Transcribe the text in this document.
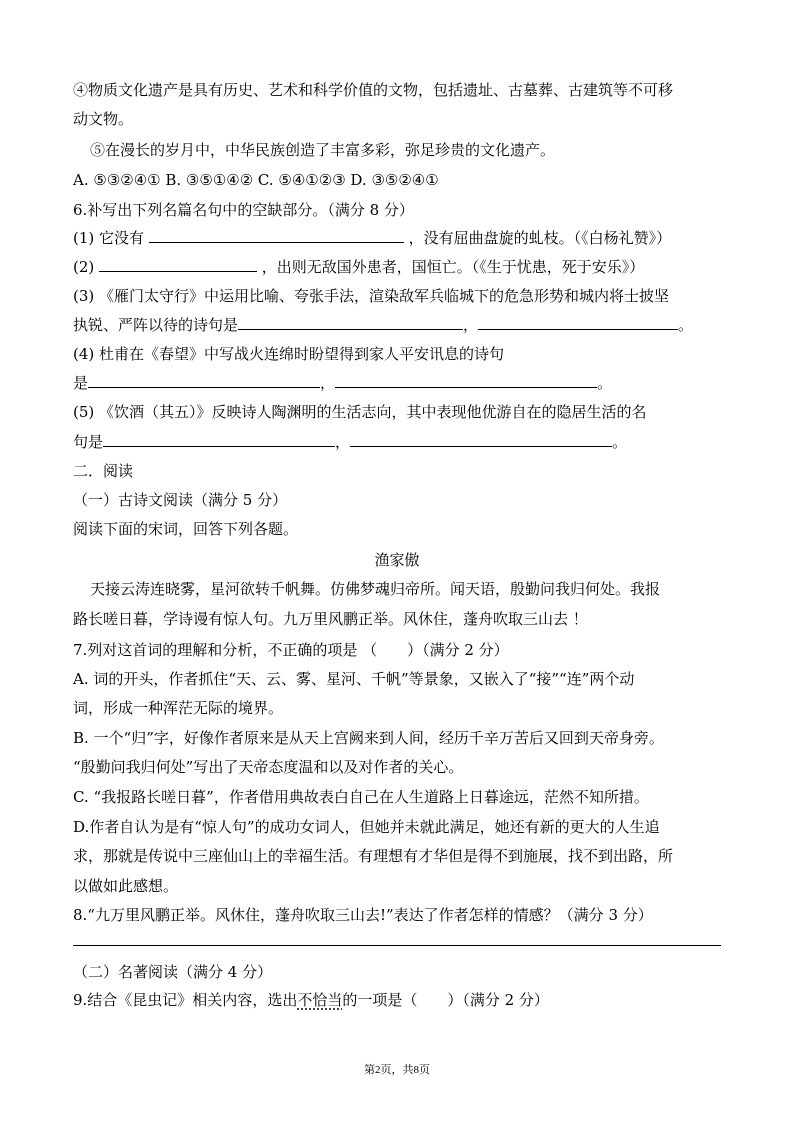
④物质文化遗产是具有历史、艺术和科学价值的文物，包括遗址、古墓葬、古建筑等不可移
动文物。
⑤在漫长的岁月中，中华民族创造了丰富多彩，弥足珍贵的文化遗产。
A. ⑤③②④① B. ③⑤①④② C. ⑤④①②③ D. ③⑤②④①
6.补写出下列名篇名句中的空缺部分。（满分 8 分）
(1) 它没有	，没有屈曲盘旋的虬枝。（《白杨礼赞》）
(2)	，出则无敌国外患者，国恒亡。（《生于忧患，死于安乐》）
(3) 《雁门太守行》中运用比喻、夸张手法，渲染敌军兵临城下的危急形势和城内将士披坚
执锐、严阵以待的诗句是	，	。
(4) 杜甫在《春望》中写战火连绵时盼望得到家人平安讯息的诗句
是	，	。
(5) 《饮酒（其五）》反映诗人陶渊明的生活志向，其中表现他优游自在的隐居生活的名
句是	，	。
二．阅读
（一）古诗文阅读（满分 5 分）
阅读下面的宋词，回答下列各题。
渔家傲
天接云涛连晓雾，星河欲转千帆舞。仿佛梦魂归帝所。闻天语，殷勤问我归何处。我报
路长嗟日暮，学诗谩有惊人句。九万里风鹏正举。风休住，蓬舟吹取三山去 ！
7.列对这首词的理解和分析，不正确的项是 （　　）（满分 2 分）
A. 词的开头，作者抓住“天、云、雾、星河、千帆”等景象，又嵌入了“接”“连”两个动
词，形成一种浑茫无际的境界。
B. 一个“归”字，好像作者原来是从天上宫阙来到人间，经历千辛万苦后又回到天帝身旁。
“殷勤问我归何处”写出了天帝态度温和以及对作者的关心。
C. “我报路长嗟日暮”，作者借用典故表白自己在人生道路上日暮途远，茫然不知所措。
D.作者自认为是有“惊人句”的成功女词人，但她并未就此满足，她还有新的更大的人生追
求，那就是传说中三座仙山上的幸福生活。有理想有才华但是得不到施展，找不到出路，所
以做如此感想。
8.“九万里风鹏正举。风休住，蓬舟吹取三山去!”表达了作者怎样的情感？（满分 3 分）
（二）名著阅读（满分 4 分）
9.结合《昆虫记》相关内容，选出不恰当的一项是（　　）（满分 2 分）
第2页，共8页
